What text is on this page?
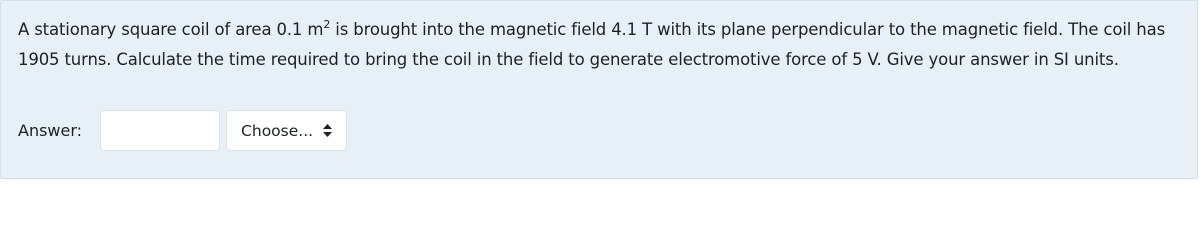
A stationary square coil of area 0.1 $m^2$ is brought into the magnetic field 4.1 T with its plane perpendicular to the magnetic field. The coil has 1905 turns. Calculate the time required to bring the coil in the field to generate electromotive force of 5 V. Give your answer in SI units.
Answer:	Choose...
